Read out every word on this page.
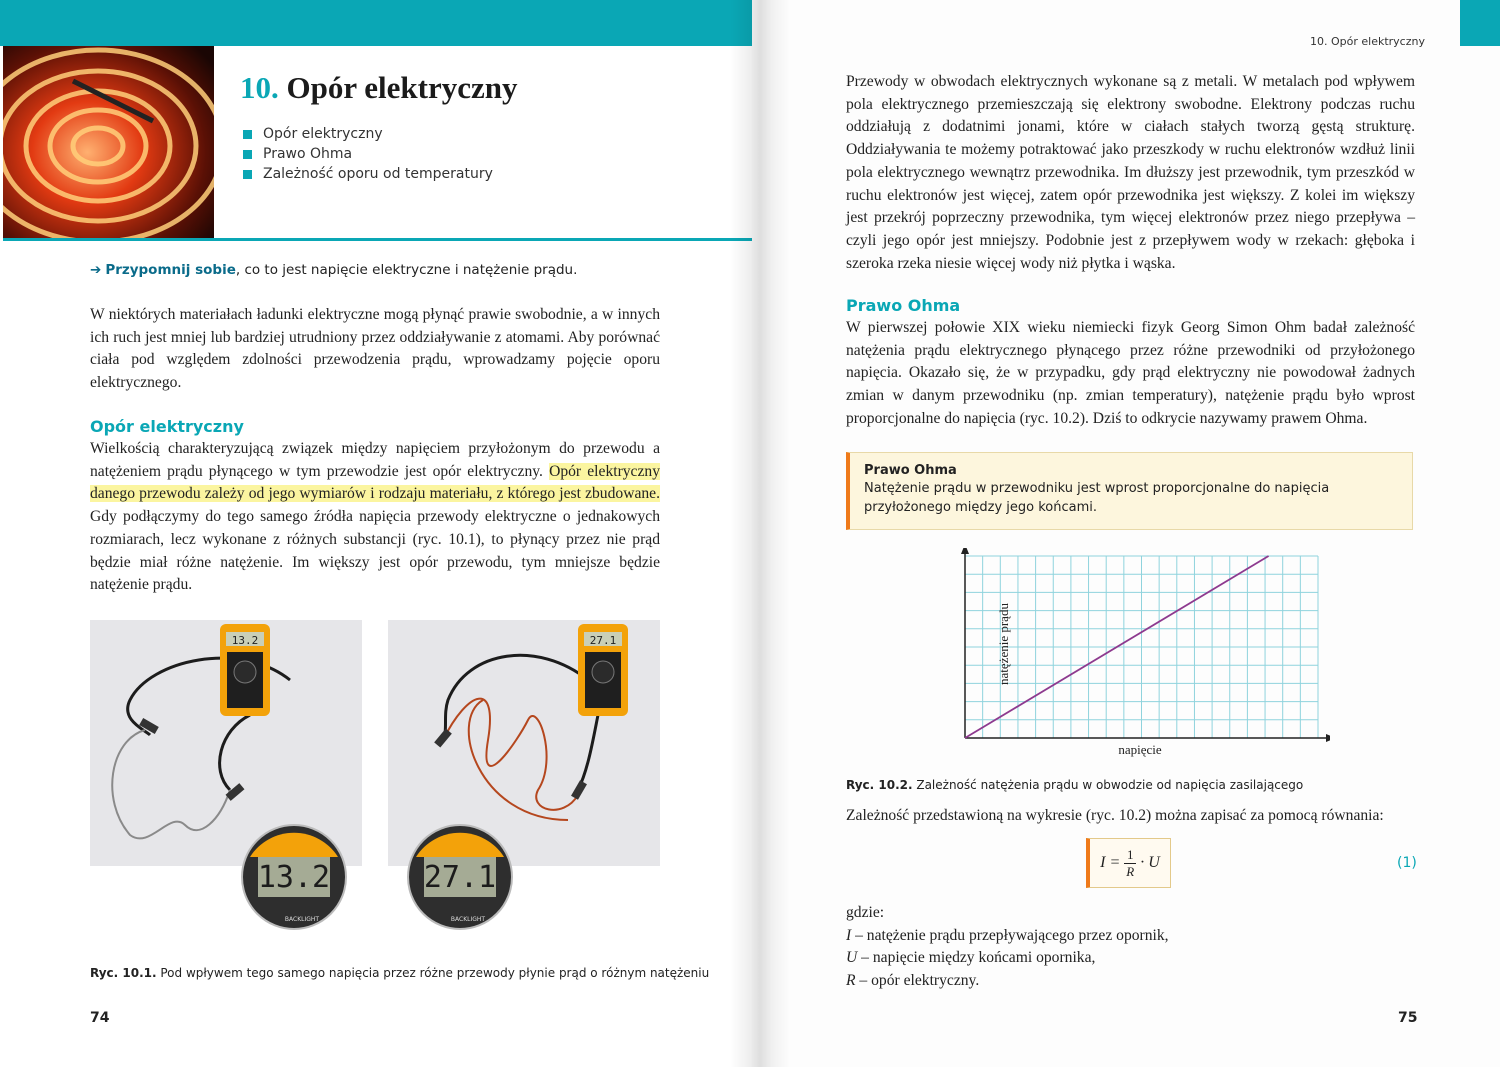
10. Opór elektryczny
Opór elektryczny
Prawo Ohma
Zależność oporu od temperatury
➔ Przypomnij sobie, co to jest napięcie elektryczne i natężenie prądu.

W niektórych materiałach ładunki elektryczne mogą płynąć prawie swobodnie, a w innych ich ruch jest mniej lub bardziej utrudniony przez oddziaływanie z atomami. Aby porównać ciała pod względem zdolności przewodzenia prądu, wprowadzamy pojęcie oporu elektrycznego.

Opór elektryczny

Wielkością charakteryzującą związek między napięciem przyłożonym do przewodu a natężeniem prądu płynącego w tym przewodzie jest opór elektryczny. Opór elektryczny danego przewodu zależy od jego wymiarów i rodzaju materiału, z którego jest zbudowane. Gdy podłączymy do tego samego źródła napięcia przewody elektryczne o jednakowych rozmiarach, lecz wykonane z różnych substancji (ryc. 10.1), to płynący przez nie prąd będzie miał różne natężenie. Im większy jest opór przewodu, tym mniejsze będzie natężenie prądu.

13.2
13.2
BACKLIGHT
27.1
27.1
BACKLIGHT
Ryc. 10.1. Pod wpływem tego samego napięcia przez różne przewody płynie prąd o różnym natężeniu
74
10. Opór elektryczny

Przewody w obwodach elektrycznych wykonane są z metali. W metalach pod wpływem pola elektrycznego przemieszczają się elektrony swobodne. Elektrony podczas ruchu oddziałują z dodatnimi jonami, które w ciałach stałych tworzą gęstą strukturę. Oddziaływania te możemy potraktować jako przeszkody w ruchu elektronów wzdłuż linii pola elektrycznego wewnątrz przewodnika. Im dłuższy jest przewodnik, tym przeszkód w ruchu elektronów jest więcej, zatem opór przewodnika jest większy. Z kolei im większy jest przekrój poprzeczny przewodnika, tym więcej elektronów przez niego przepływa – czyli jego opór jest mniejszy. Podobnie jest z przepływem wody w rzekach: głęboka i szeroka rzeka niesie więcej wody niż płytka i wąska.

Prawo Ohma

W pierwszej połowie XIX wieku niemiecki fizyk Georg Simon Ohm badał zależność natężenia prądu elektrycznego płynącego przez różne przewodniki od przyłożonego napięcia. Okazało się, że w przypadku, gdy prąd elektryczny nie powodował żadnych zmian w danym przewodniku (np. zmian temperatury), natężenie prądu było wprost proporcjonalne do napięcia (ryc. 10.2). Dziś to odkrycie nazywamy prawem Ohma.

Prawo Ohma
Natężenie prądu w przewodniku jest wprost proporcjonalne do napięcia przyłożonego między jego końcami.
napięcie
natężenie prądu
Ryc. 10.2. Zależność natężenia prądu w obwodzie od napięcia zasilającego

Zależność przedstawioną na wykresie (ryc. 10.2) można zapisać za pomocą równania:

$I = \frac{1}{R} \cdot U$	(1)
gdzie:
I – natężenie prądu przepływającego przez opornik,
U – napięcie między końcami opornika,
R – opór elektryczny.
75
